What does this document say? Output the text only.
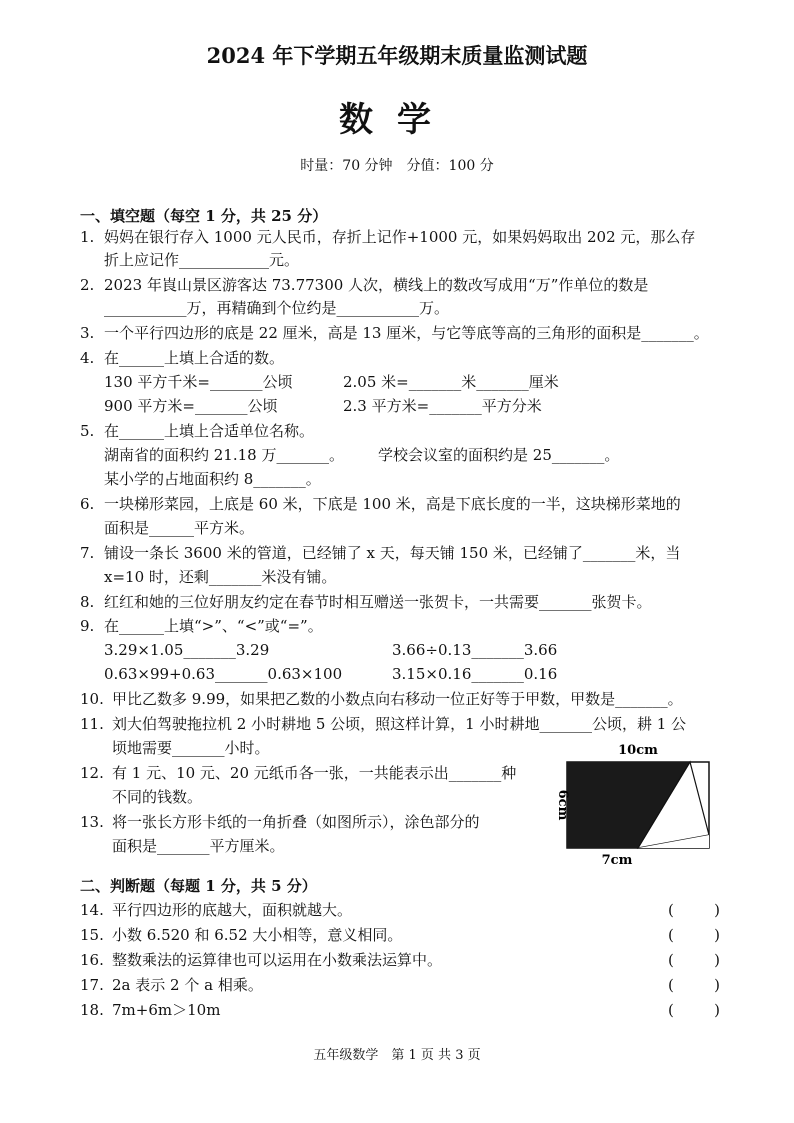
2024 年下学期五年级期末质量监测试题
数学
时量：70 分钟　分值：100 分
一、填空题（每空 1 分，共 25 分）
1. 妈妈在银行存入 1000 元人民币，存折上记作+1000 元，如果妈妈取出 202 元，那么存
折上应记作____________元。
2. 2023 年崀山景区游客达 73.77300 人次，横线上的数改写成用“万”作单位的数是
___________万，再精确到个位约是___________万。
3. 一个平行四边形的底是 22 厘米，高是 13 厘米，与它等底等高的三角形的面积是_______。
4. 在______上填上合适的数。
130 平方千米=_______公顷	2.05 米=_______米_______厘米
900 平方米=_______公顷	2.3 平方米=_______平方分米
5. 在______上填上合适单位名称。
湖南省的面积约 21.18 万_______。 学校会议室的面积约是 25_______。
某小学的占地面积约 8_______。
6. 一块梯形菜园，上底是 60 米，下底是 100 米，高是下底长度的一半，这块梯形菜地的
面积是______平方米。
7. 铺设一条长 3600 米的管道，已经铺了 x 天，每天铺 150 米，已经铺了_______米，当
x=10 时，还剩_______米没有铺。
8. 红红和她的三位好朋友约定在春节时相互赠送一张贺卡，一共需要_______张贺卡。
9. 在______上填“>”、“<”或“=”。
3.29×1.05_______3.29	3.66÷0.13_______3.66
0.63×99+0.63_______0.63×100	3.15×0.16_______0.16
10. 甲比乙数多 9.99，如果把乙数的小数点向右移动一位正好等于甲数，甲数是_______。
11. 刘大伯驾驶拖拉机 2 小时耕地 5 公顷，照这样计算，1 小时耕地_______公顷，耕 1 公
顷地需要_______小时。
12. 有 1 元、10 元、20 元纸币各一张，一共能表示出_______种
不同的钱数。
13. 将一张长方形卡纸的一角折叠（如图所示），涂色部分的
面积是_______平方厘米。
10cm
6cm
7cm
二、判断题（每题 1 分，共 5 分）
14. 平行四边形的底越大，面积就越大。	(	)
15. 小数 6.520 和 6.52 大小相等，意义相同。	(	)
16. 整数乘法的运算律也可以运用在小数乘法运算中。	(	)
17. 2a 表示 2 个 a 相乘。	(	)
18. 7m+6m＞10m	(	)
五年级数学　第 1 页 共 3 页
